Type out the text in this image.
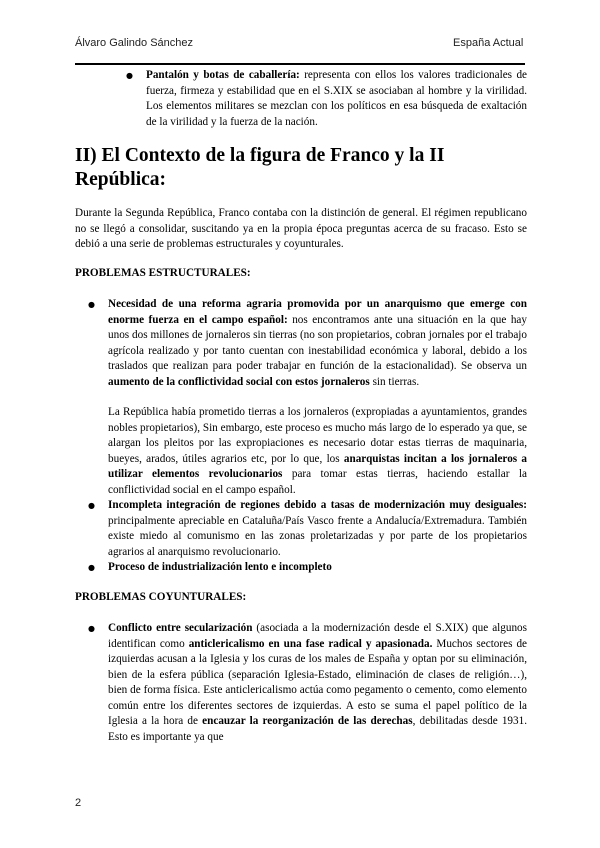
Álvaro Galindo Sánchez	España Actual
● Pantalón y botas de caballería: representa con ellos los valores tradicionales de fuerza, firmeza y estabilidad que en el S.XIX se asociaban al hombre y la virilidad. Los elementos militares se mezclan con los políticos en esa búsqueda de exaltación de la virilidad y la fuerza de la nación.
II) El Contexto de la figura de Franco y la II República:

Durante la Segunda República, Franco contaba con la distinción de general. El régimen republicano no se llegó a consolidar, suscitando ya en la propia época preguntas acerca de su fracaso. Esto se debió a una serie de problemas estructurales y coyunturales.

PROBLEMAS ESTRUCTURALES:
● Necesidad de una reforma agraria promovida por un anarquismo que emerge con enorme fuerza en el campo español: nos encontramos ante una situación en la que hay unos dos millones de jornaleros sin tierras (no son propietarios, cobran jornales por el trabajo agrícola realizado y por tanto cuentan con inestabilidad económica y laboral, debido a los traslados que realizan para poder trabajar en función de la estacionalidad). Se observa un aumento de la conflictividad social con estos jornaleros sin tierras.

La República había prometido tierras a los jornaleros (expropiadas a ayuntamientos, grandes nobles propietarios), Sin embargo, este proceso es mucho más largo de lo esperado ya que, se alargan los pleitos por las expropiaciones es necesario dotar estas tierras de maquinaria, bueyes, arados, útiles agrarios etc, por lo que, los anarquistas incitan a los jornaleros a utilizar elementos revolucionarios para tomar estas tierras, haciendo estallar la conflictividad social en el campo español.

● Incompleta integración de regiones debido a tasas de modernización muy desiguales: principalmente apreciable en Cataluña/País Vasco frente a Andalucía/Extremadura. También existe miedo al comunismo en las zonas proletarizadas y por parte de los propietarios agrarios al anarquismo revolucionario.
● Proceso de industrialización lento e incompleto
PROBLEMAS COYUNTURALES:
● Conflicto entre secularización (asociada a la modernización desde el S.XIX) que algunos identifican como anticlericalismo en una fase radical y apasionada. Muchos sectores de izquierdas acusan a la Iglesia y los curas de los males de España y optan por su eliminación, bien de la esfera pública (separación Iglesia-Estado, eliminación de clases de religión…), bien de forma física. Este anticlericalismo actúa como pegamento o cemento, como elemento común entre los diferentes sectores de izquierdas. A esto se suma el papel político de la Iglesia a la hora de encauzar la reorganización de las derechas, debilitadas desde 1931. Esto es importante ya que
2
